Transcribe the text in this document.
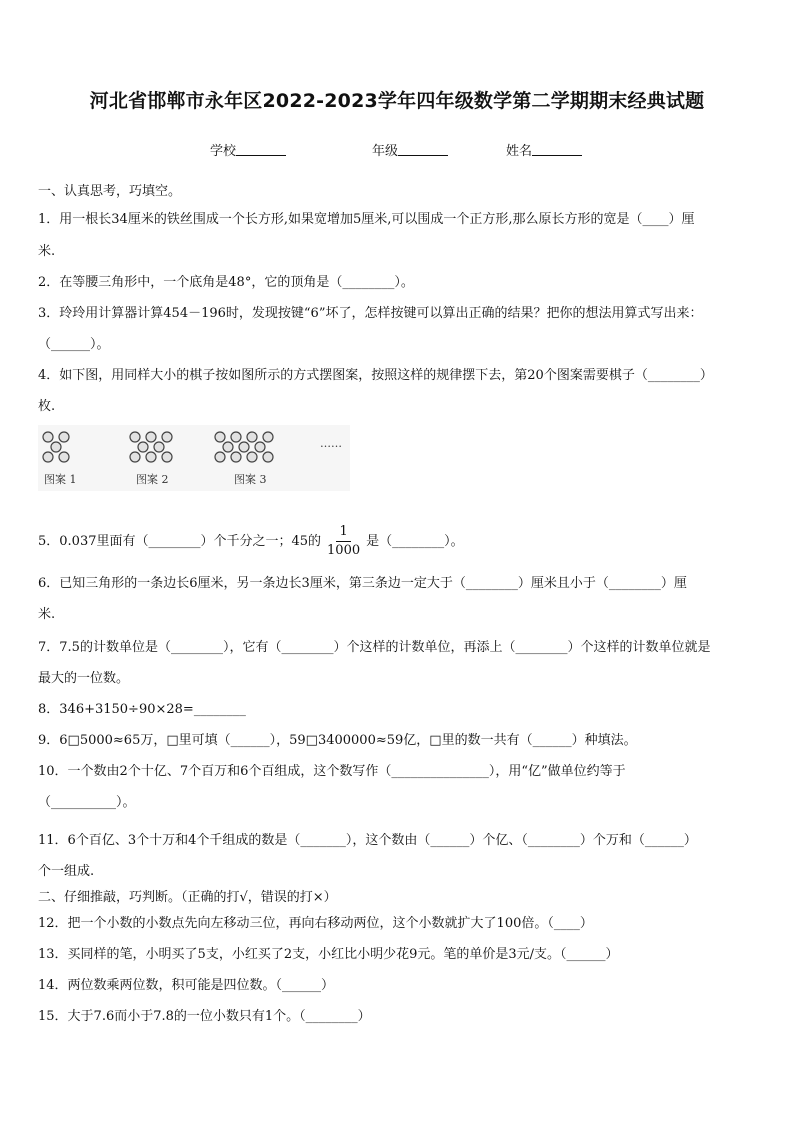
河北省邯郸市永年区2022-2023学年四年级数学第二学期期末经典试题
学校	年级	姓名
一、认真思考，巧填空。
1．用一根长34厘米的铁丝围成一个长方形,如果宽增加5厘米,可以围成一个正方形,那么原长方形的宽是（____）厘
米.
2．在等腰三角形中，一个底角是48°，它的顶角是（________）。
3．玲玲用计算器计算454－196时，发现按键“6”坏了，怎样按键可以算出正确的结果？把你的想法用算式写出来：
（______）。
4．如下图，用同样大小的棋子按如图所示的方式摆图案，按照这样的规律摆下去，第20个图案需要棋子（________）
枚.
图案 1	图案 2	图案 3
……
5．0.037里面有（________）个千分之一；45的 $\frac{1}{1000}$ 是（________）。
6．已知三角形的一条边长6厘米，另一条边长3厘米，第三条边一定大于（________）厘米且小于（________）厘
米.
7．7.5的计数单位是（________），它有（________）个这样的计数单位，再添上（________）个这样的计数单位就是
最大的一位数。
8．346+3150÷90×28=________
9．6□5000≈65万，□里可填（______），59□3400000≈59亿，□里的数一共有（______）种填法。
10．一个数由2个十亿、7个百万和6个百组成，这个数写作（_______________），用“亿”做单位约等于
（__________）。
11．6个百亿、3个十万和4个千组成的数是（_______），这个数由（______）个亿、（________）个万和（______）
个一组成.
二、仔细推敲，巧判断。（正确的打√，错误的打×）
12．把一个小数的小数点先向左移动三位，再向右移动两位，这个小数就扩大了100倍。（____）
13．买同样的笔，小明买了5支，小红买了2支，小红比小明少花9元。笔的单价是3元/支。（______）
14．两位数乘两位数，积可能是四位数。（______）
15．大于7.6而小于7.8的一位小数只有1个。（________）
